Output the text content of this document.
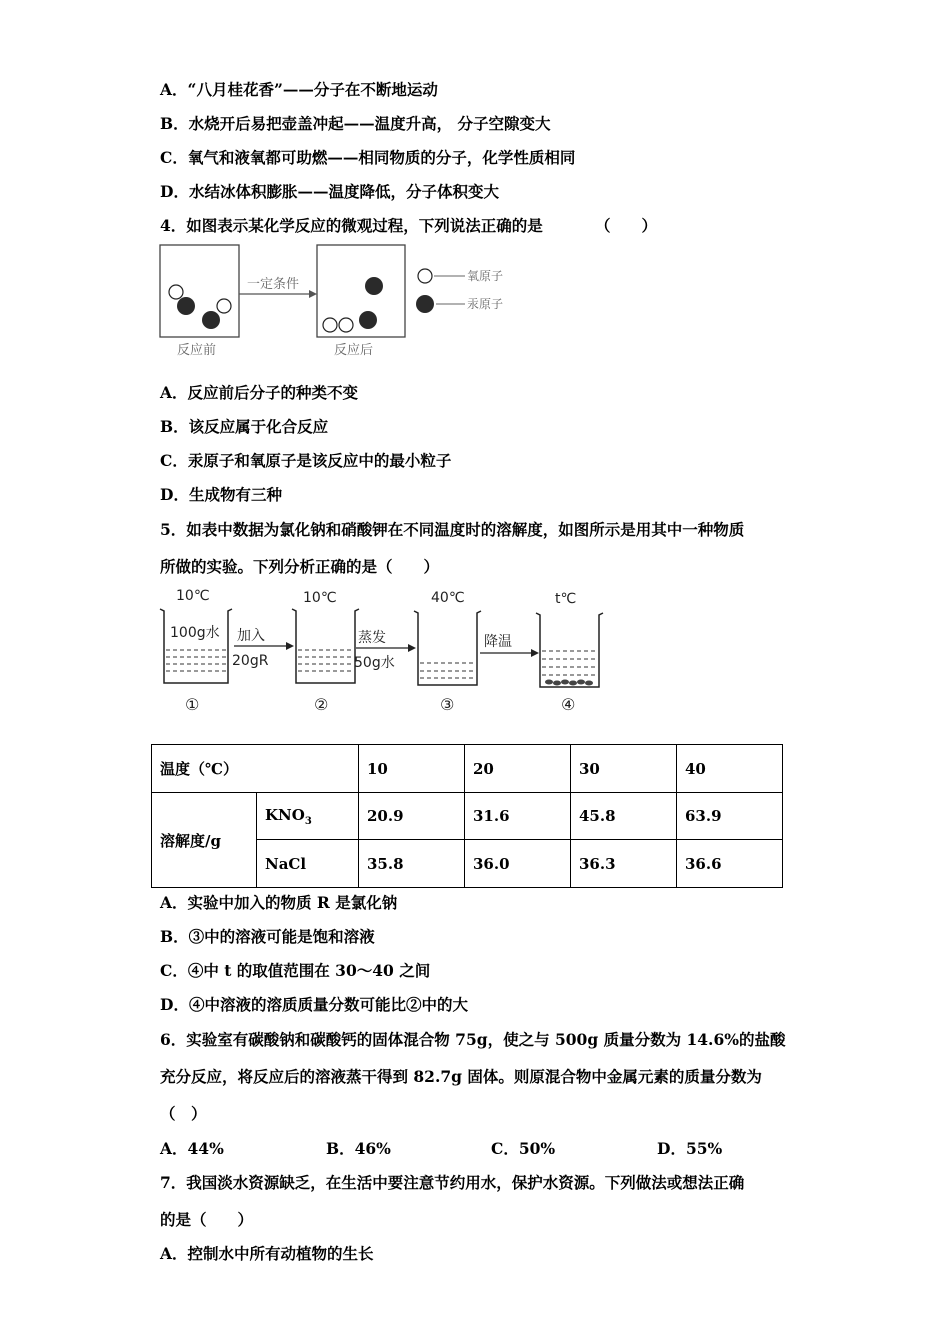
A．“八月桂花香”——分子在不断地运动
B．水烧开后易把壶盖冲起——温度升高， 分子空隙变大
C．氧气和液氧都可助燃——相同物质的分子，化学性质相同
D．水结冰体积膨胀——温度降低，分子体积变大
4．如图表示某化学反应的微观过程，下列说法正确的是	（　　）
反应前
一定条件
反应后
氧原子
汞原子
A．反应前后分子的种类不变
B．该反应属于化合反应
C．汞原子和氧原子是该反应中的最小粒子
D．生成物有三种
5．如表中数据为氯化钠和硝酸钾在不同温度时的溶解度，如图所示是用其中一种物质
所做的实验。下列分析正确的是（　　）
10℃	10℃	40℃	t℃
100g水 加入
20gR
蒸发
50g水
降温
①	②	③	④
温度（℃）		10	20	30	40
溶解度/g	$KNO_3$	20.9	31.6	45.8	63.9
	NaCl	35.8	36.0	36.3	36.6
A．实验中加入的物质 R 是氯化钠
B．③中的溶液可能是饱和溶液
C．④中 t 的取值范围在 30～40 之间
D．④中溶液的溶质质量分数可能比②中的大
6．实验室有碳酸钠和碳酸钙的固体混合物 75g，使之与 500g 质量分数为 14.6%的盐酸
充分反应，将反应后的溶液蒸干得到 82.7g 固体。则原混合物中金属元素的质量分数为
（　）
A．44%	B．46%	C．50%	D．55%
7．我国淡水资源缺乏，在生活中要注意节约用水，保护水资源。下列做法或想法正确
的是（　　）
A．控制水中所有动植物的生长
